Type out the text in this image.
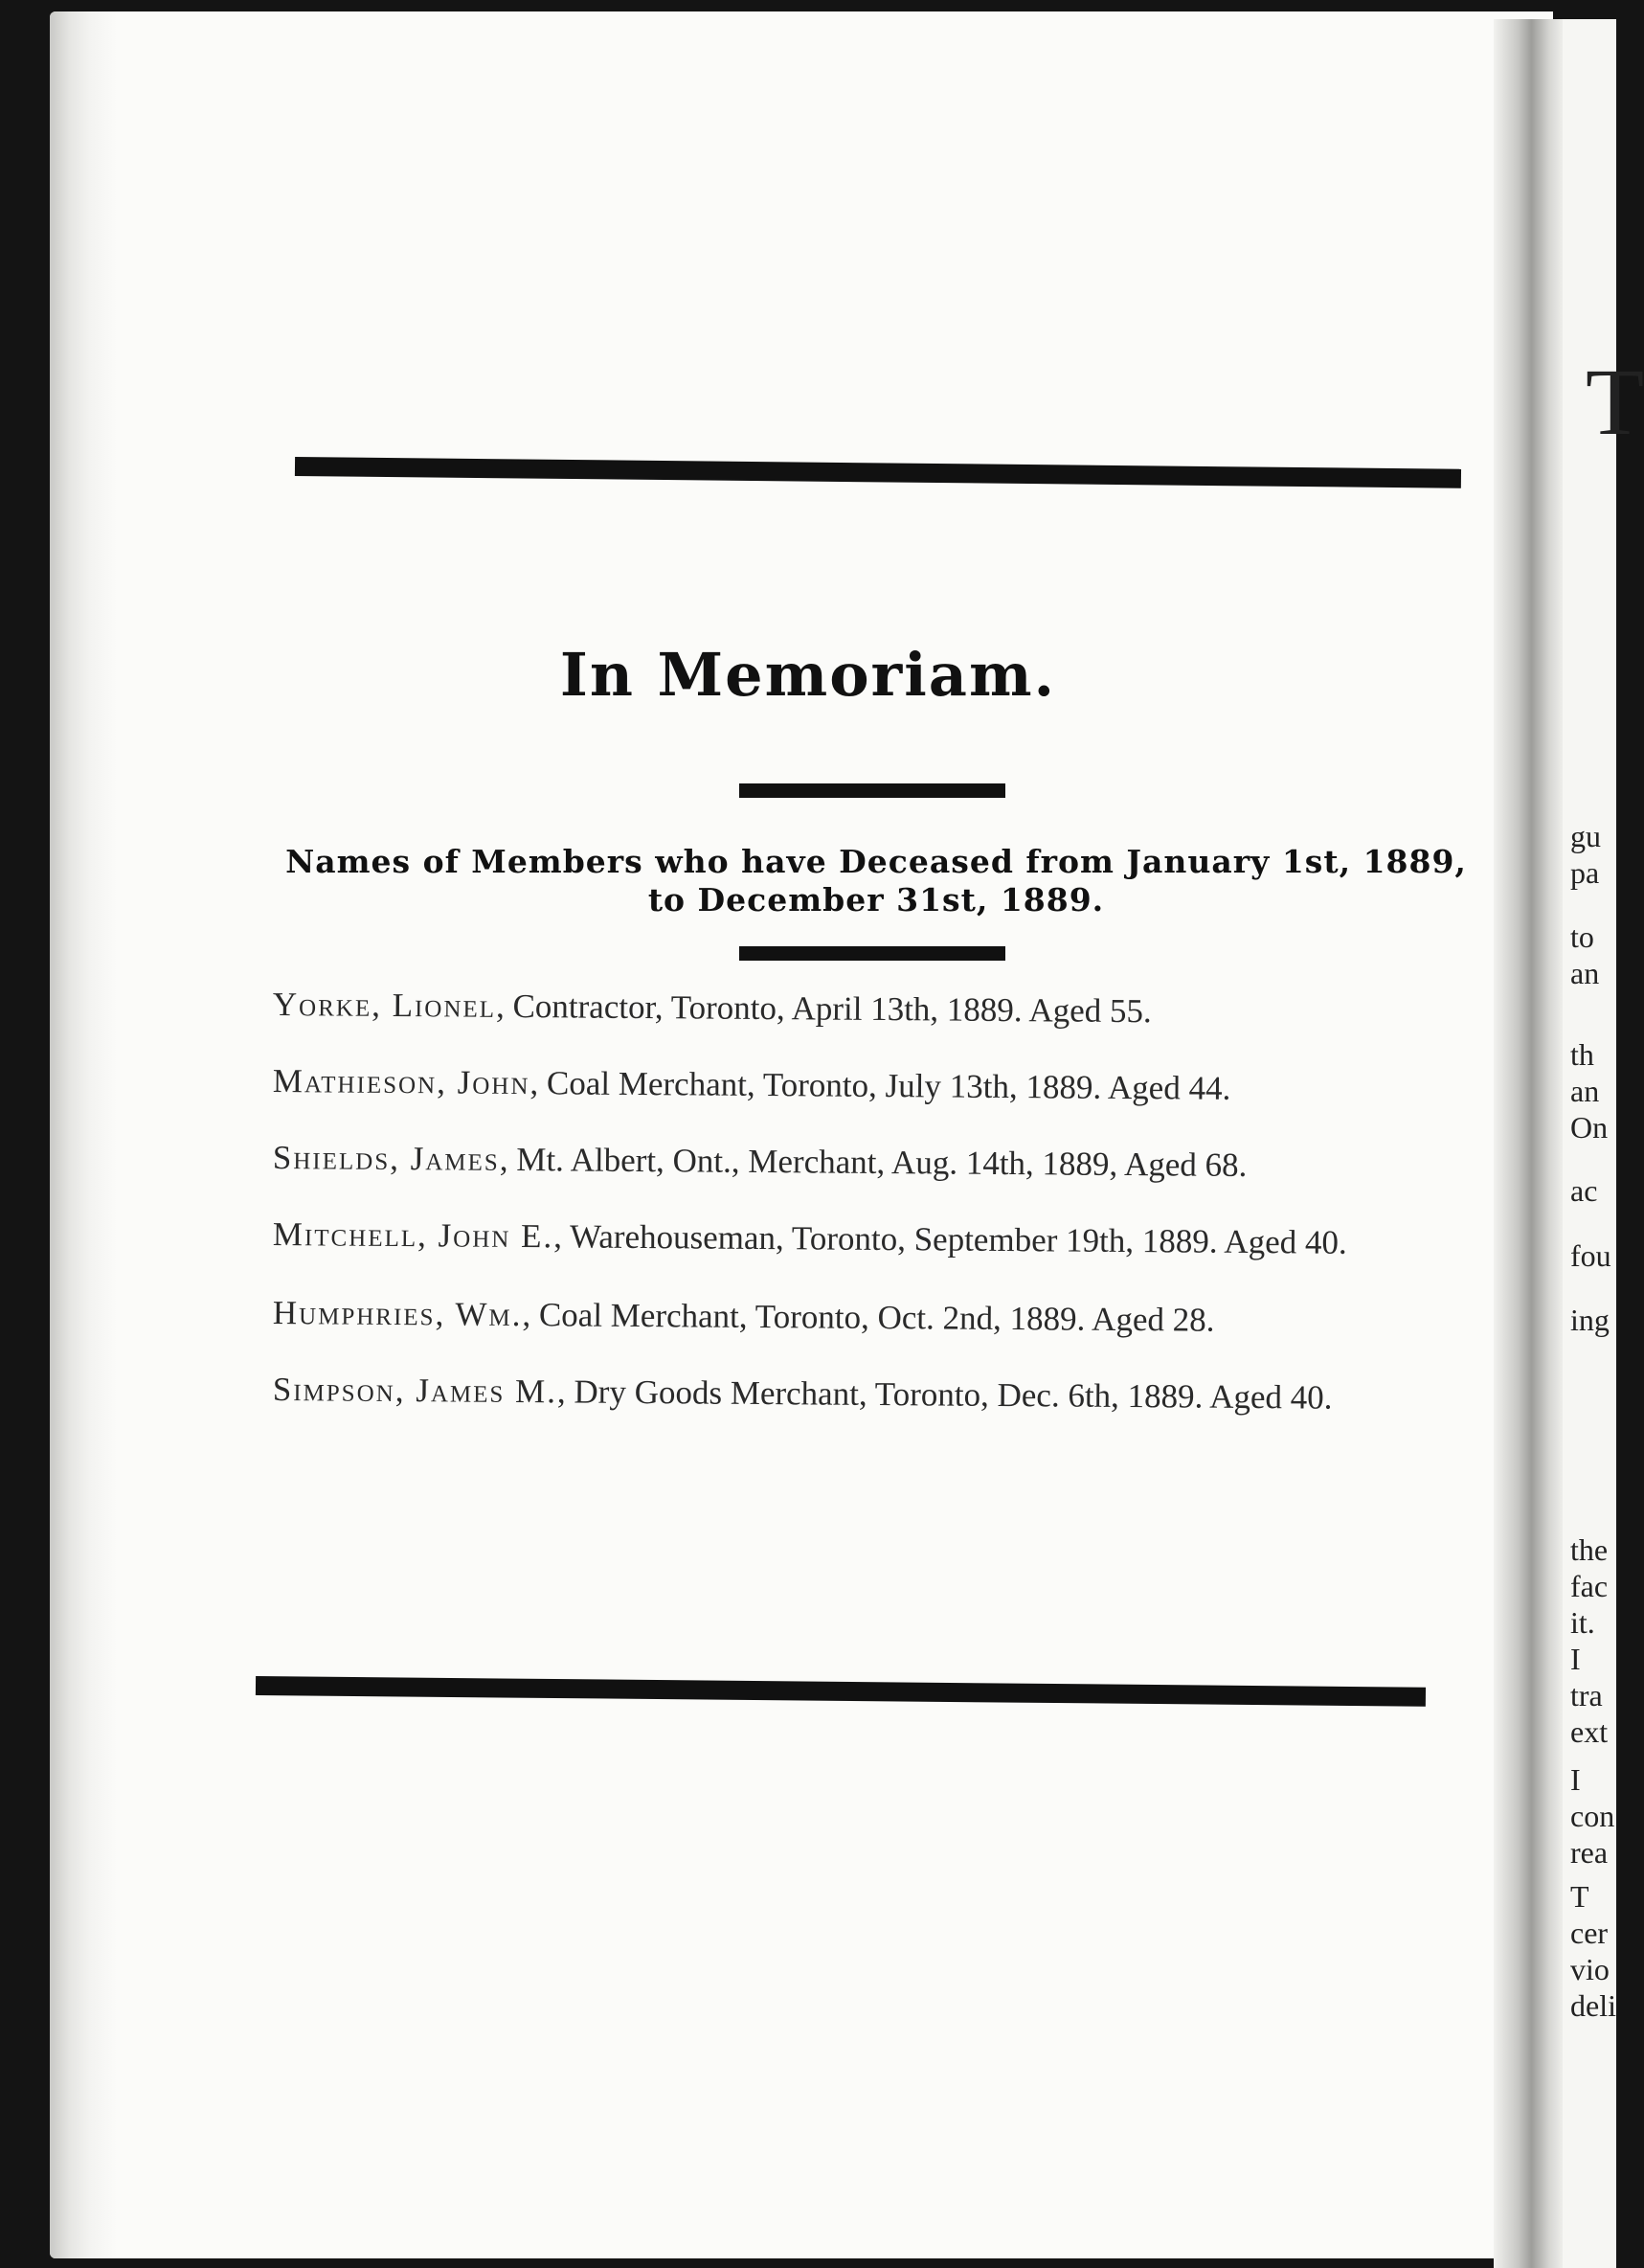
In Memoriam.
Names of Members who have Deceased from January 1st, 1889, to December 31st, 1889.
Yorke, Lionel, Contractor, Toronto, April 13th, 1889. Aged 55.
Mathieson, John, Coal Merchant, Toronto, July 13th, 1889. Aged 44.
Shields, James, Mt. Albert, Ont., Merchant, Aug. 14th, 1889, Aged 68.
Mitchell, John E., Warehouseman, Toronto, September 19th, 1889. Aged 40.
Humphries, Wm., Coal Merchant, Toronto, Oct. 2nd, 1889. Aged 28.
Simpson, James M., Dry Goods Merchant, Toronto, Dec. 6th, 1889. Aged 40.
T
gu
pa
to
an
th
an
On
ac
fou
ing
the
fac
it.
I
tra
ext
I
con
rea
T
cer
vio
deli
